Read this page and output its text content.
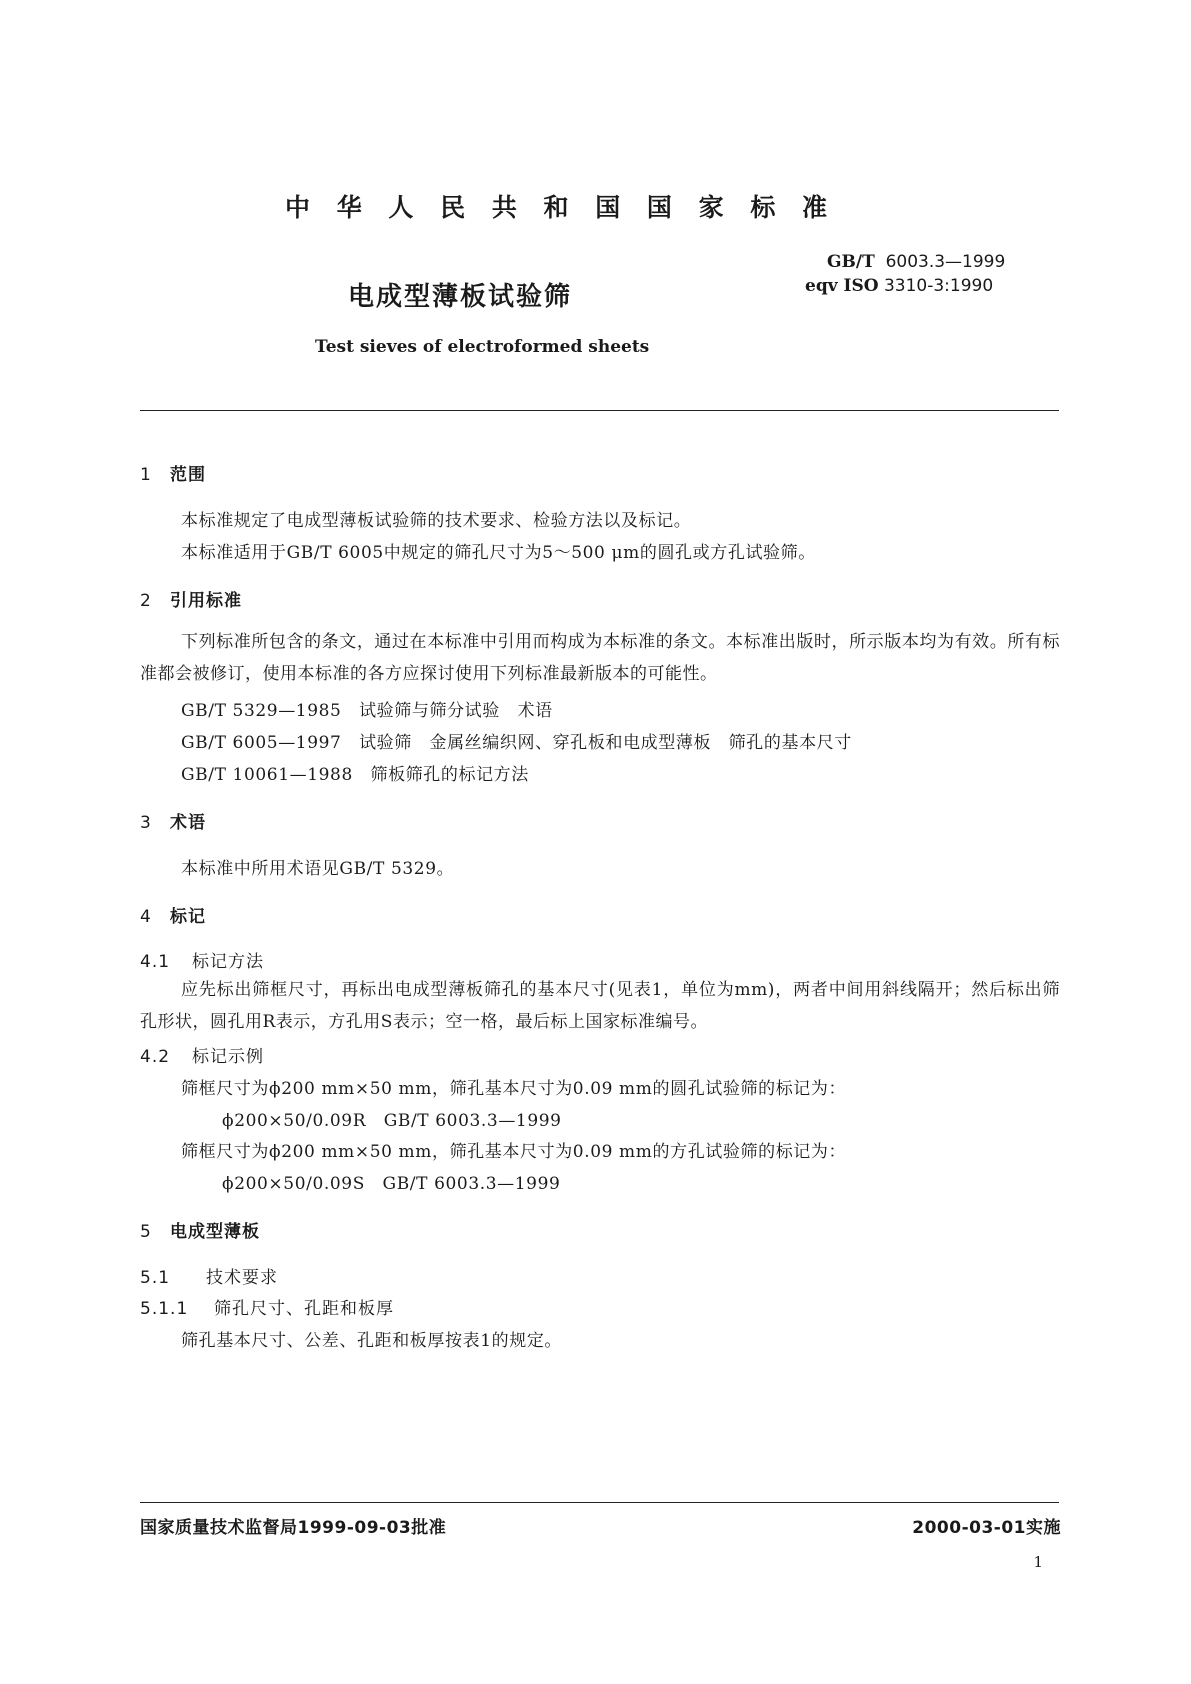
中 华 人 民 共 和 国 国 家 标 准
电成型薄板试验筛
Test sieves of electroformed sheets
GB/T 6003.3—1999
eqv ISO 3310-3:1990
1 范围
本标准规定了电成型薄板试验筛的技术要求、检验方法以及标记。
本标准适用于GB/T 6005中规定的筛孔尺寸为5～500 μm的圆孔或方孔试验筛。
2 引用标准
下列标准所包含的条文，通过在本标准中引用而构成为本标准的条文。本标准出版时，所示版本均为有效。所有标准都会被修订，使用本标准的各方应探讨使用下列标准最新版本的可能性。
GB/T 5329—1985　试验筛与筛分试验　术语
GB/T 6005—1997　试验筛　金属丝编织网、穿孔板和电成型薄板　筛孔的基本尺寸
GB/T 10061—1988　筛板筛孔的标记方法
3 术语
本标准中所用术语见GB/T 5329。
4 标记
4.1 标记方法
应先标出筛框尺寸，再标出电成型薄板筛孔的基本尺寸(见表1，单位为mm)，两者中间用斜线隔开；然后标出筛孔形状，圆孔用R表示，方孔用S表示；空一格，最后标上国家标准编号。
4.2 标记示例
筛框尺寸为ϕ200 mm×50 mm，筛孔基本尺寸为0.09 mm的圆孔试验筛的标记为：
ϕ200×50/0.09R　GB/T 6003.3—1999
筛框尺寸为ϕ200 mm×50 mm，筛孔基本尺寸为0.09 mm的方孔试验筛的标记为：
ϕ200×50/0.09S　GB/T 6003.3—1999
5 电成型薄板
5.1 技术要求
5.1.1 筛孔尺寸、孔距和板厚
筛孔基本尺寸、公差、孔距和板厚按表1的规定。
国家质量技术监督局1999-09-03批准	2000-03-01实施
1
